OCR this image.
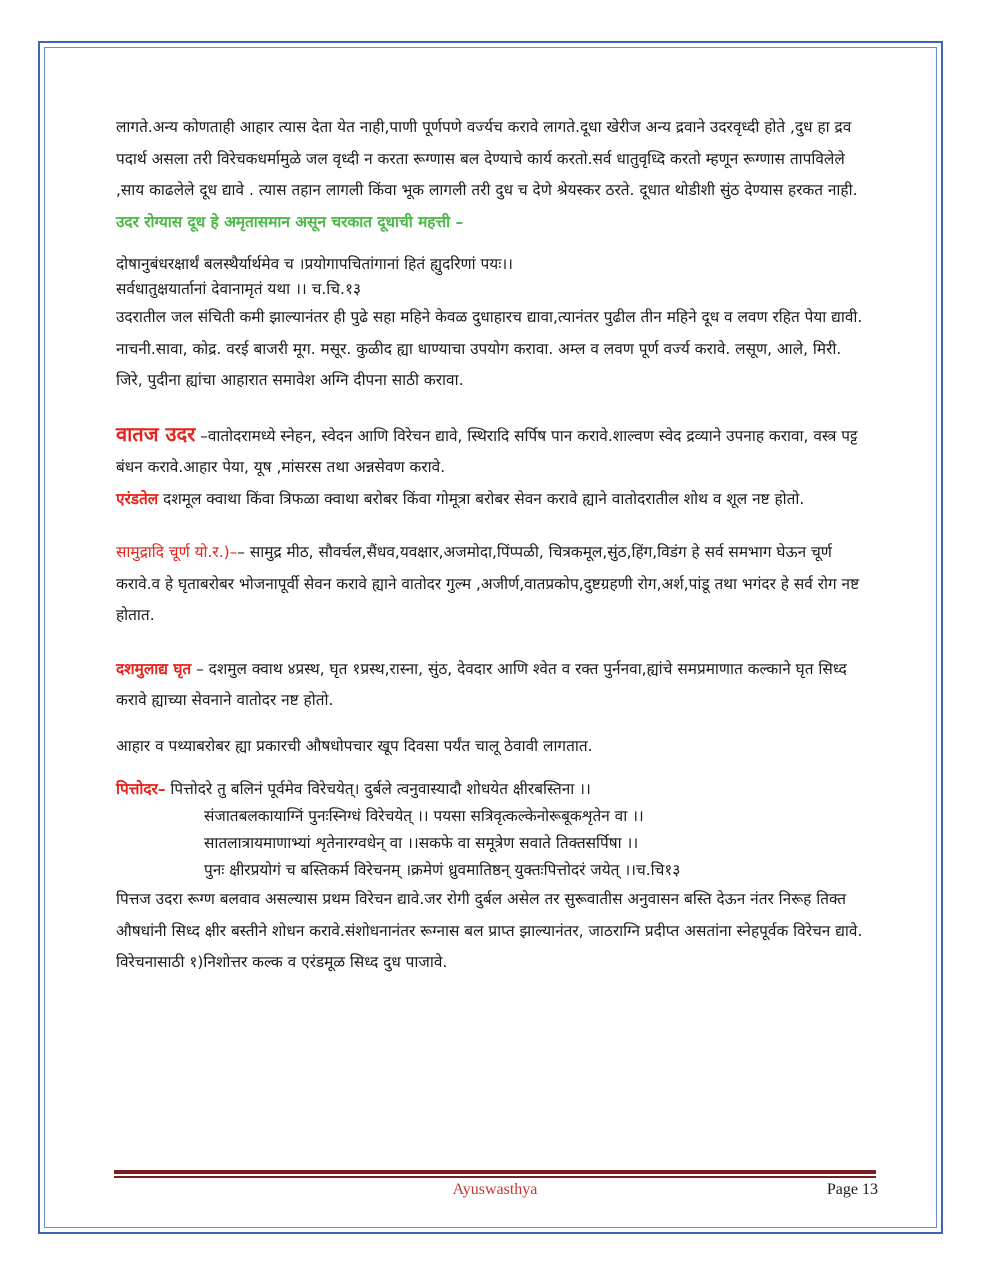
लागते.अन्य कोणताही आहार त्यास देता येत नाही,पाणी पूर्णपणे वर्ज्यच करावे लागते.दूधा खेरीज अन्य द्रवाने उदरवृध्दी होते ,दुध हा द्रव पदार्थ असला तरी विरेचकधर्मामुळे जल वृध्दी न करता रूग्णास बल देण्याचे कार्य करतो.सर्व धातुवृध्दि करतो म्हणून रूग्णास तापविलेले ,साय काढलेले दूध द्यावे . त्यास तहान लागली किंवा भूक लागली तरी दुध च देणे श्रेयस्कर ठरते. दूधात थोडीशी सुंठ देण्यास हरकत नाही. उदर रोग्यास दूध हे अमृतासमान असून चरकात दूधाची महत्ती –

दोषानुबंधरक्षार्थं बलस्थैर्यार्थमेव च ।प्रयोगापचितांगानां हितं ह्युदरिणां पयः।।

सर्वधातुक्षयार्तानां देवानामृतं यथा ।। च.चि.१३

उदरातील जल संचिती कमी झाल्यानंतर ही पुढे सहा महिने केवळ दुधाहारच द्यावा,त्यानंतर पुढील तीन महिने दूध व लवण रहित पेया द्यावी. नाचनी.सावा, कोद्र. वरई बाजरी मूग. मसूर. कुळीद ह्या धाण्याचा उपयोग करावा. अम्ल व लवण पूर्ण वर्ज्य करावे. लसूण, आले, मिरी. जिरे, पुदीना ह्यांचा आहारात समावेश अग्नि दीपना साठी करावा.

वातज उदर –वातोदरामध्ये स्नेहन, स्वेदन आणि विरेचन द्यावे, स्थिरादि सर्पिष पान करावे.शाल्वण स्वेद द्रव्याने उपनाह करावा, वस्त्र पट्ट बंधन करावे.आहार पेया, यूष ,मांसरस तथा अन्नसेवण करावे.

एरंडतेल दशमूल क्वाथा किंवा त्रिफळा क्वाथा बरोबर किंवा गोमूत्रा बरोबर सेवन करावे ह्याने वातोदरातील शोथ व शूल नष्ट होतो.

सामुद्रादि चूर्ण यो.र.)–– सामुद्र मीठ, सौवर्चल,सैंधव,यवक्षार,अजमोदा,पिंप्पळी, चित्रकमूल,सुंठ,हिंग,विडंग हे सर्व समभाग घेऊन चूर्ण करावे.व हे घृताबरोबर भोजनापूर्वी सेवन करावे ह्याने वातोदर गुल्म ,अजीर्ण,वातप्रकोप,दुष्टग्रहणी रोग,अर्श,पांडू तथा भगंदर हे सर्व रोग नष्ट होतात.

दशमुलाद्य घृत – दशमुल क्वाथ ४प्रस्थ, घृत १प्रस्थ,रास्ना, सुंठ, देवदार आणि श्वेत व रक्त पुर्ननवा,ह्यांचे समप्रमाणात कल्काने घृत सिध्द करावे ह्याच्या सेवनाने वातोदर नष्ट होतो.

आहार व पथ्याबरोबर ह्या प्रकारची औषधोपचार खूप दिवसा पर्यंत चालू ठेवावी लागतात.

पित्तोदर– पित्तोदरे तु बलिनं पूर्वमेव विरेचयेत्। दुर्बले त्वनुवास्यादौ शोधयेत क्षीरबस्तिना ।।

संजातबलकायाग्निं पुनःस्निग्धं विरेचयेत् ।। पयसा सत्रिवृत्कल्केनोरूबूकशृतेन वा ।।

सातलात्रायमाणाभ्यां शृतेनारग्वधेन् वा ।।सकफे वा समूत्रेण सवाते तिक्तसर्पिषा ।।

पुनः क्षीरप्रयोगं च बस्तिकर्म विरेचनम् ।क्रमेणं ध्रुवमातिष्ठन् युक्तःपित्तोदरं जयेत् ।।च.चि१३

पित्तज उदरा रूग्ण बलवाव असल्यास प्रथम विरेचन द्यावे.जर रोगी दुर्बल असेल तर सुरूवातीस अनुवासन बस्ति देऊन नंतर निरूह तिक्त औषधांनी सिध्द क्षीर बस्तीने शोधन करावे.संशोधनानंतर रूग्नास बल प्राप्त झाल्यानंतर, जाठराग्नि प्रदीप्त असतांना स्नेहपूर्वक विरेचन द्यावे. विरेचनासाठी १)निशोत्तर कल्क व एरंडमूळ सिध्द दुध पाजावे.

Ayuswasthya	Page 13
